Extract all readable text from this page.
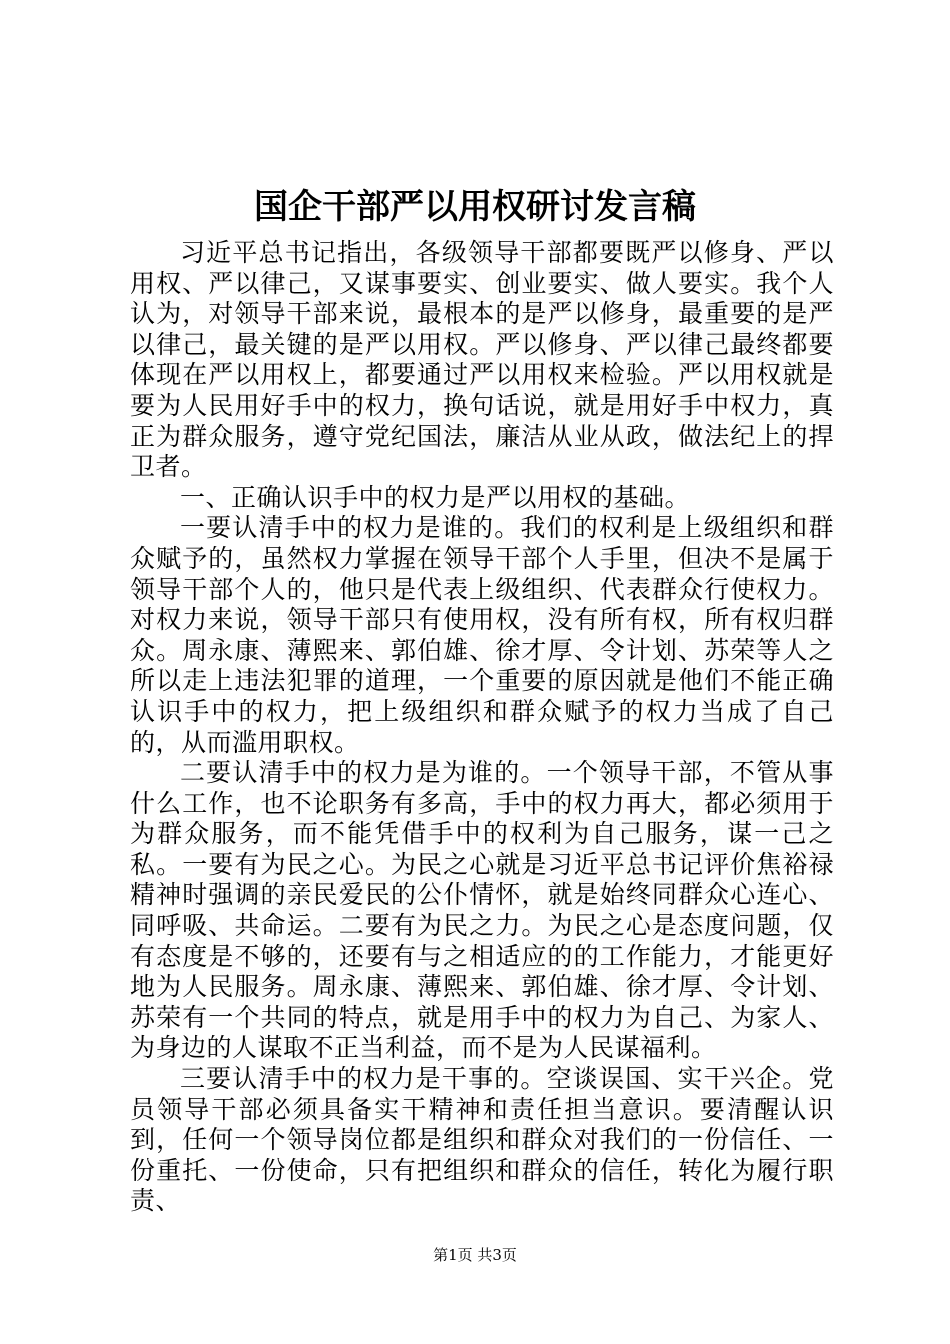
国企干部严以用权研讨发言稿

习近平总书记指出，各级领导干部都要既严以修身、严以用权、严以律己，又谋事要实、创业要实、做人要实。我个人认为，对领导干部来说，最根本的是严以修身，最重要的是严以律己，最关键的是严以用权。严以修身、严以律己最终都要体现在严以用权上，都要通过严以用权来检验。严以用权就是要为人民用好手中的权力，换句话说，就是用好手中权力，真正为群众服务，遵守党纪国法，廉洁从业从政，做法纪上的捍卫者。

一、正确认识手中的权力是严以用权的基础。

一要认清手中的权力是谁的。我们的权利是上级组织和群众赋予的，虽然权力掌握在领导干部个人手里，但决不是属于领导干部个人的，他只是代表上级组织、代表群众行使权力。对权力来说，领导干部只有使用权，没有所有权，所有权归群众。周永康、薄熙来、郭伯雄、徐才厚、令计划、苏荣等人之所以走上违法犯罪的道理，一个重要的原因就是他们不能正确认识手中的权力，把上级组织和群众赋予的权力当成了自己的，从而滥用职权。

二要认清手中的权力是为谁的。一个领导干部，不管从事什么工作，也不论职务有多高，手中的权力再大，都必须用于为群众服务，而不能凭借手中的权利为自己服务，谋一己之私。一要有为民之心。为民之心就是习近平总书记评价焦裕禄精神时强调的亲民爱民的公仆情怀，就是始终同群众心连心、同呼吸、共命运。二要有为民之力。为民之心是态度问题，仅有态度是不够的，还要有与之相适应的的工作能力，才能更好地为人民服务。周永康、薄熙来、郭伯雄、徐才厚、令计划、苏荣有一个共同的特点，就是用手中的权力为自己、为家人、为身边的人谋取不正当利益，而不是为人民谋福利。

三要认清手中的权力是干事的。空谈误国、实干兴企。党员领导干部必须具备实干精神和责任担当意识。要清醒认识到，任何一个领导岗位都是组织和群众对我们的一份信任、一份重托、一份使命，只有把组织和群众的信任，转化为履行职责、

第1页 共3页
